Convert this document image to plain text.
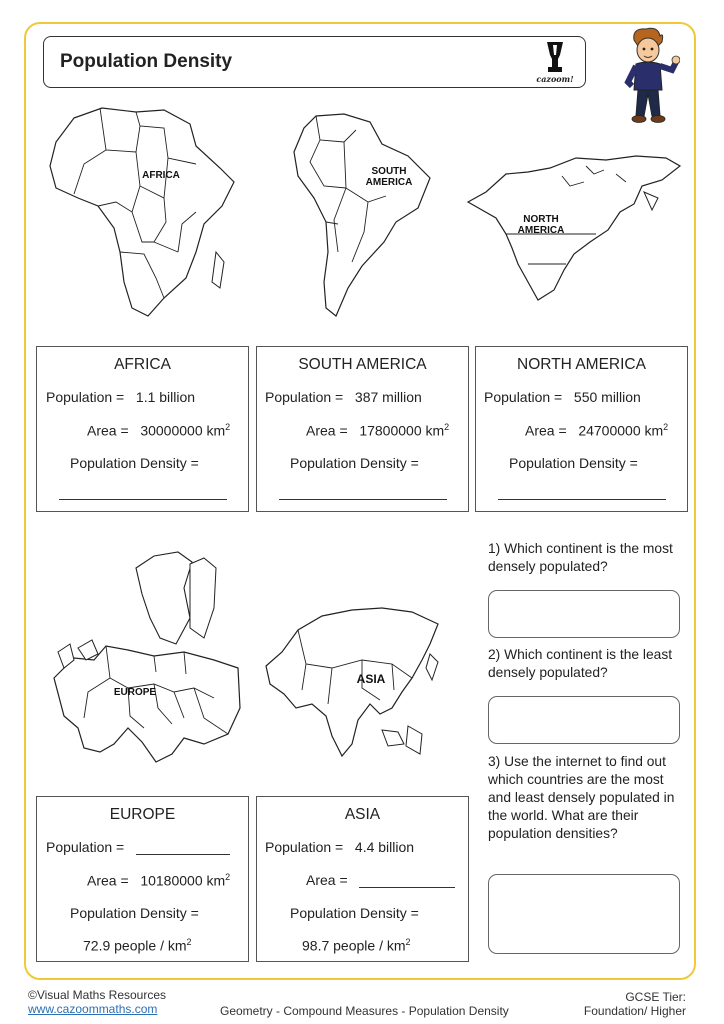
Population Density
cazoom!
AFRICA	SOUTH
AMERICA
NORTH
AMERICA
AFRICA
Population = 1.1 billion
Area = 30000000 $km^2$
Population Density =
SOUTH AMERICA
Population = 387 million
Area = 17800000 $km^2$
Population Density =
NORTH AMERICA
Population = 550 million
Area = 24700000 $km^2$
Population Density =
EUROPE
ASIA
EUROPE
Population =
Area = 10180000 $km^2$
Population Density =
72.9 people / $km^2$
ASIA
Population = 4.4 billion
Area =
Population Density =
98.7 people / $km^2$
1) Which continent is the most densely populated?
2) Which continent is the least densely populated?
3) Use the internet to find out which countries are the most and least densely populated in the world. What are their population densities?
©Visual Maths Resources
www.cazoommaths.com	Geometry - Compound Measures - Population Density
GCSE Tier:
Foundation/ Higher
